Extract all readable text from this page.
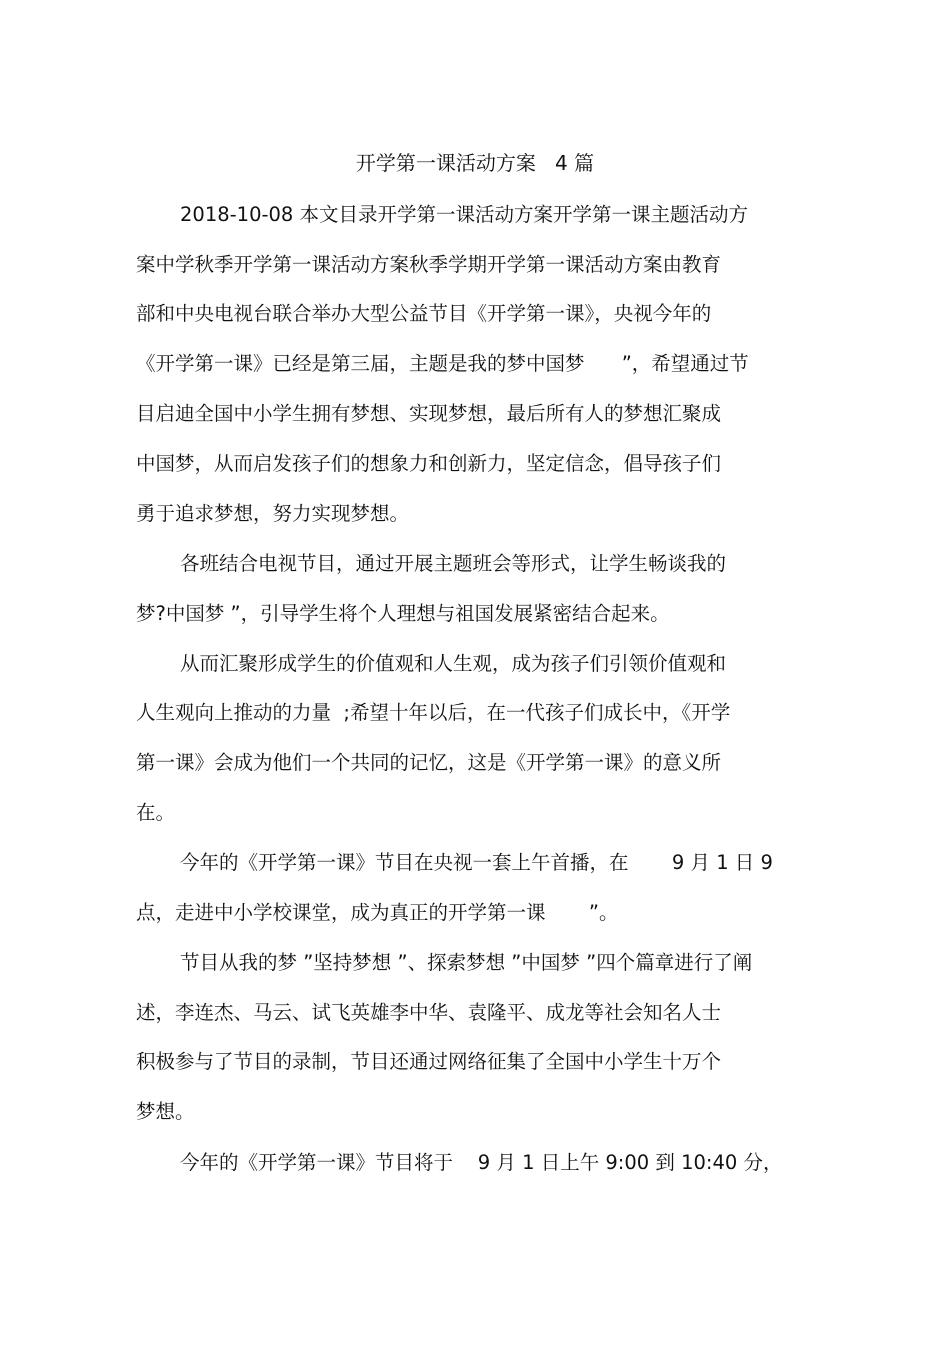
开学第一课活动方案   4 篇
2018-10-08 本文目录开学第一课活动方案开学第一课主题活动方
案中学秋季开学第一课活动方案秋季学期开学第一课活动方案由教育
部和中央电视台联合举办大型公益节目《开学第一课》，央视今年的
《开学第一课》已经是第三届，主题是我的梦中国梦      ”，希望通过节
目启迪全国中小学生拥有梦想、实现梦想，最后所有人的梦想汇聚成
中国梦，从而启发孩子们的想象力和创新力，坚定信念，倡导孩子们
勇于追求梦想，努力实现梦想。
各班结合电视节目，通过开展主题班会等形式，让学生畅谈我的
梦?中国梦 ”，引导学生将个人理想与祖国发展紧密结合起来。
从而汇聚形成学生的价值观和人生观，成为孩子们引领价值观和
人生观向上推动的力量  ;希望十年以后，在一代孩子们成长中，《开学
第一课》会成为他们一个共同的记忆，这是《开学第一课》的意义所
在。
今年的《开学第一课》节目在央视一套上午首播，在       9 月 1 日 9
点，走进中小学校课堂，成为真正的开学第一课       ”。
节目从我的梦 ”坚持梦想 ”、探索梦想 ”中国梦 ”四个篇章进行了阐
述，李连杰、马云、试飞英雄李中华、袁隆平、成龙等社会知名人士
积极参与了节目的录制，节目还通过网络征集了全国中小学生十万个
梦想。
今年的《开学第一课》节目将于    9 月 1 日上午 9:00 到 10:40 分，
